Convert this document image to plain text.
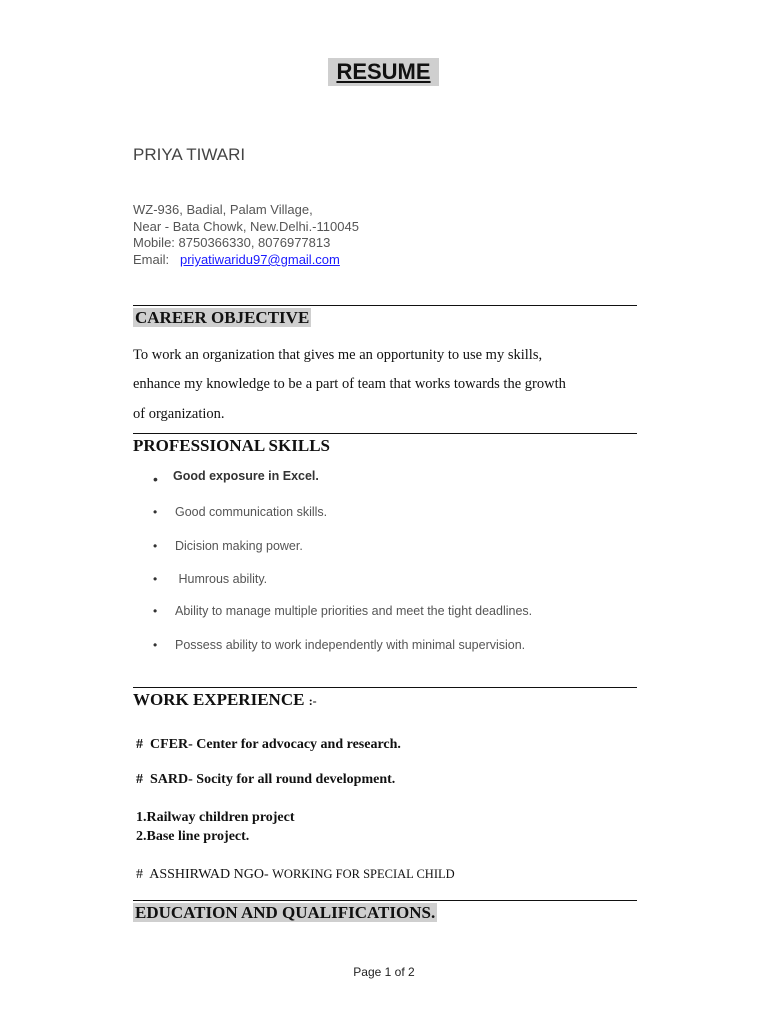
RESUME
PRIYA TIWARI
WZ-936, Badial, Palam Village,
Near - Bata Chowk, New.Delhi.-110045
Mobile: 8750366330, 8076977813
Email: priyatiwaridu97@gmail.com
CAREER OBJECTIVE
To work an organization that gives me an opportunity to use my skills,
enhance my knowledge to be a part of team that works towards the growth
of organization.
PROFESSIONAL SKILLS
• Good exposure in Excel.
• Good communication skills.
• Dicision making power.
• Humrous ability.
• Ability to manage multiple priorities and meet the tight deadlines.
• Possess ability to work independently with minimal supervision.
WORK EXPERIENCE :-
#  CFER- Center for advocacy and research.
#  SARD- Socity for all round development.
1.Railway children project
2.Base line project.
#  ASSHIRWAD NGO- WORKING FOR SPECIAL CHILD
EDUCATION AND QUALIFICATIONS.
Page 1 of 2
